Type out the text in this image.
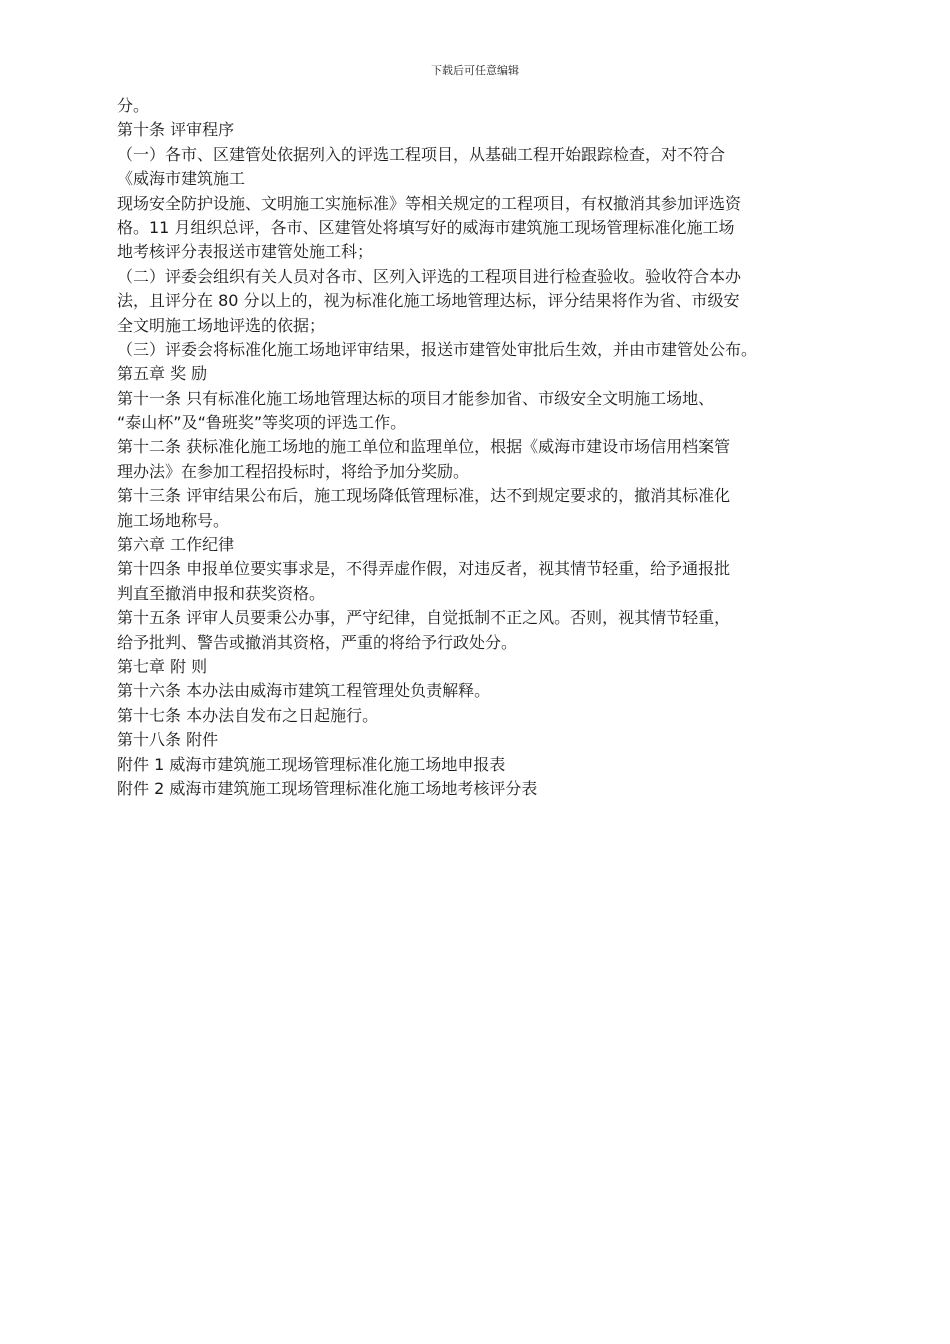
下载后可任意编辑
分。
第十条 评审程序
（一）各市、区建管处依据列入的评选工程项目，从基础工程开始跟踪检查，对不符合
《威海市建筑施工
现场安全防护设施、文明施工实施标准》等相关规定的工程项目，有权撤消其参加评选资
格。11 月组织总评，各市、区建管处将填写好的威海市建筑施工现场管理标准化施工场
地考核评分表报送市建管处施工科；
（二）评委会组织有关人员对各市、区列入评选的工程项目进行检查验收。验收符合本办
法，且评分在 80 分以上的，视为标准化施工场地管理达标，评分结果将作为省、市级安
全文明施工场地评选的依据；
（三）评委会将标准化施工场地评审结果，报送市建管处审批后生效，并由市建管处公布。
第五章 奖 励
第十一条 只有标准化施工场地管理达标的项目才能参加省、市级安全文明施工场地、
“泰山杯”及“鲁班奖”等奖项的评选工作。
第十二条 获标准化施工场地的施工单位和监理单位，根据《威海市建设市场信用档案管
理办法》在参加工程招投标时，将给予加分奖励。
第十三条 评审结果公布后，施工现场降低管理标准，达不到规定要求的，撤消其标准化
施工场地称号。
第六章 工作纪律
第十四条 申报单位要实事求是，不得弄虚作假，对违反者，视其情节轻重，给予通报批
判直至撤消申报和获奖资格。
第十五条 评审人员要秉公办事，严守纪律，自觉抵制不正之风。否则，视其情节轻重，
给予批判、警告或撤消其资格，严重的将给予行政处分。
第七章 附 则
第十六条 本办法由威海市建筑工程管理处负责解释。
第十七条 本办法自发布之日起施行。
第十八条 附件
附件 1 威海市建筑施工现场管理标准化施工场地申报表
附件 2 威海市建筑施工现场管理标准化施工场地考核评分表
